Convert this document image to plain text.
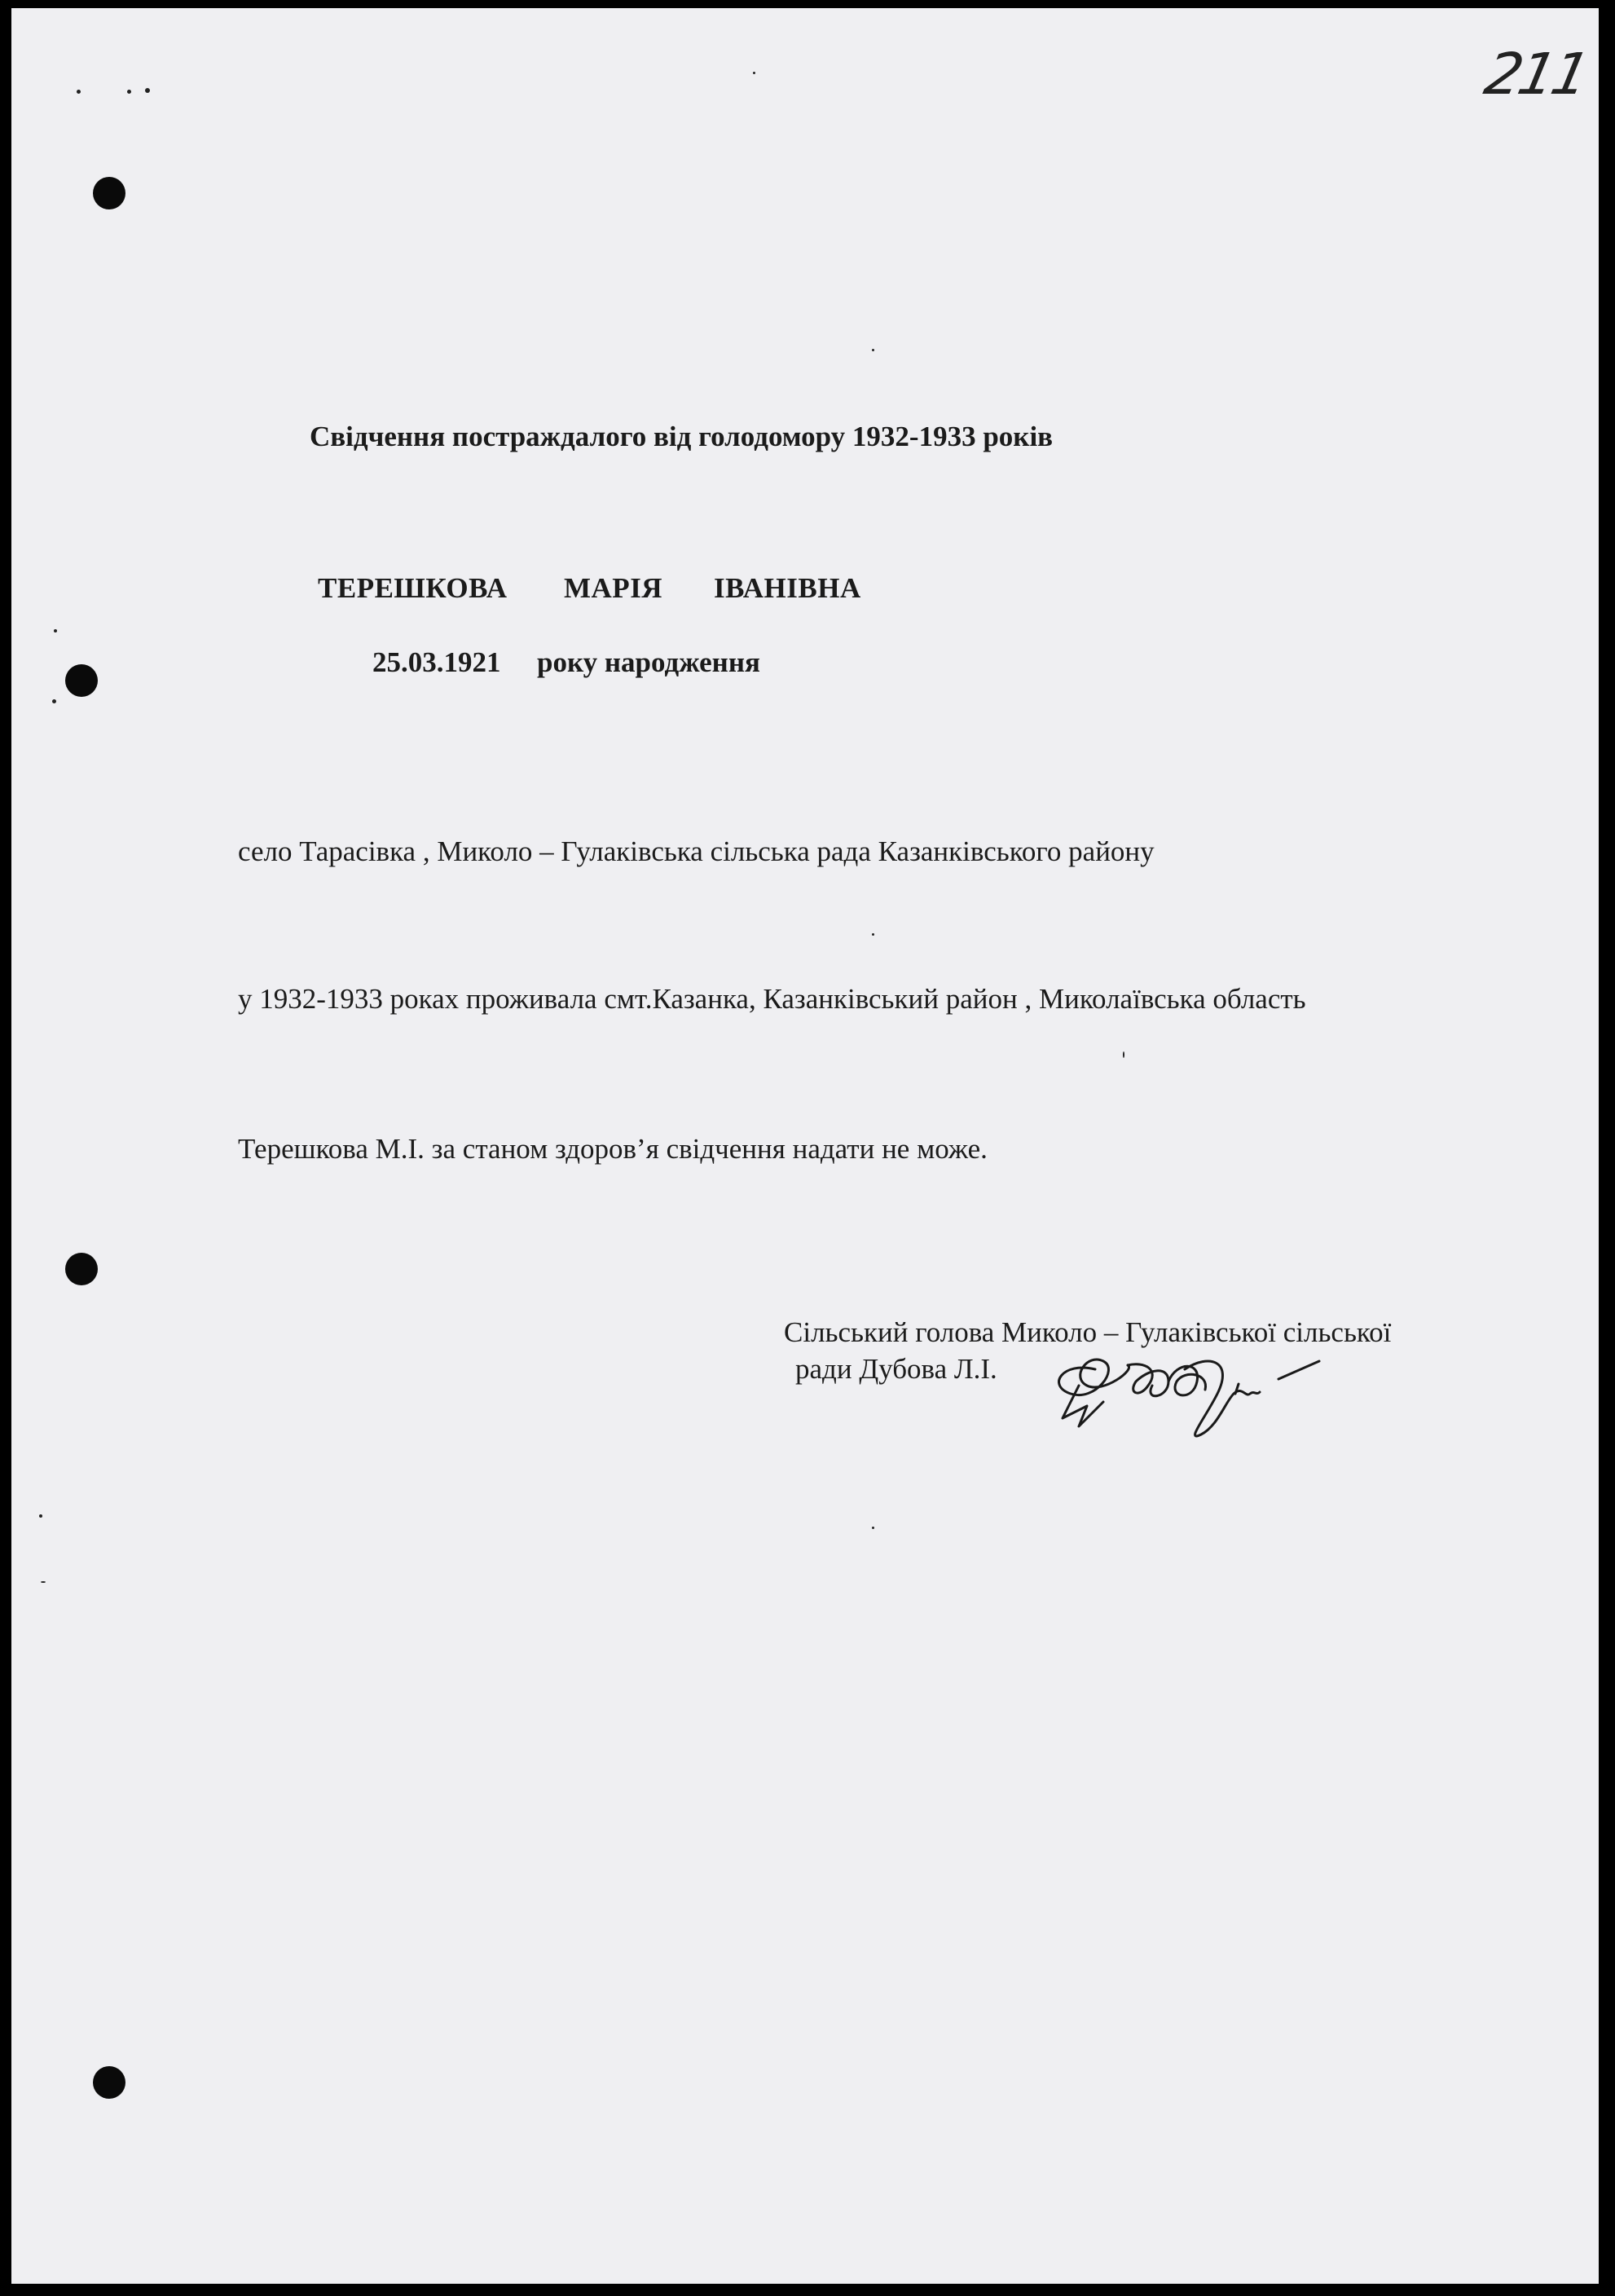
211
Свідчення постраждалого від голодомору 1932-1933 років
ТЕРЕШКОВА МАРІЯ ІВАНІВНА
25.03.1921 року народження
село Тарасівка , Миколо – Гулаківська сільська рада Казанківського району
у 1932-1933 роках проживала смт.Казанка, Казанківський район , Миколаївська область
Терешкова М.І. за станом здоров’я свідчення надати не може.
Сільський голова Миколо – Гулаківської сільської
ради Дубова Л.І.
